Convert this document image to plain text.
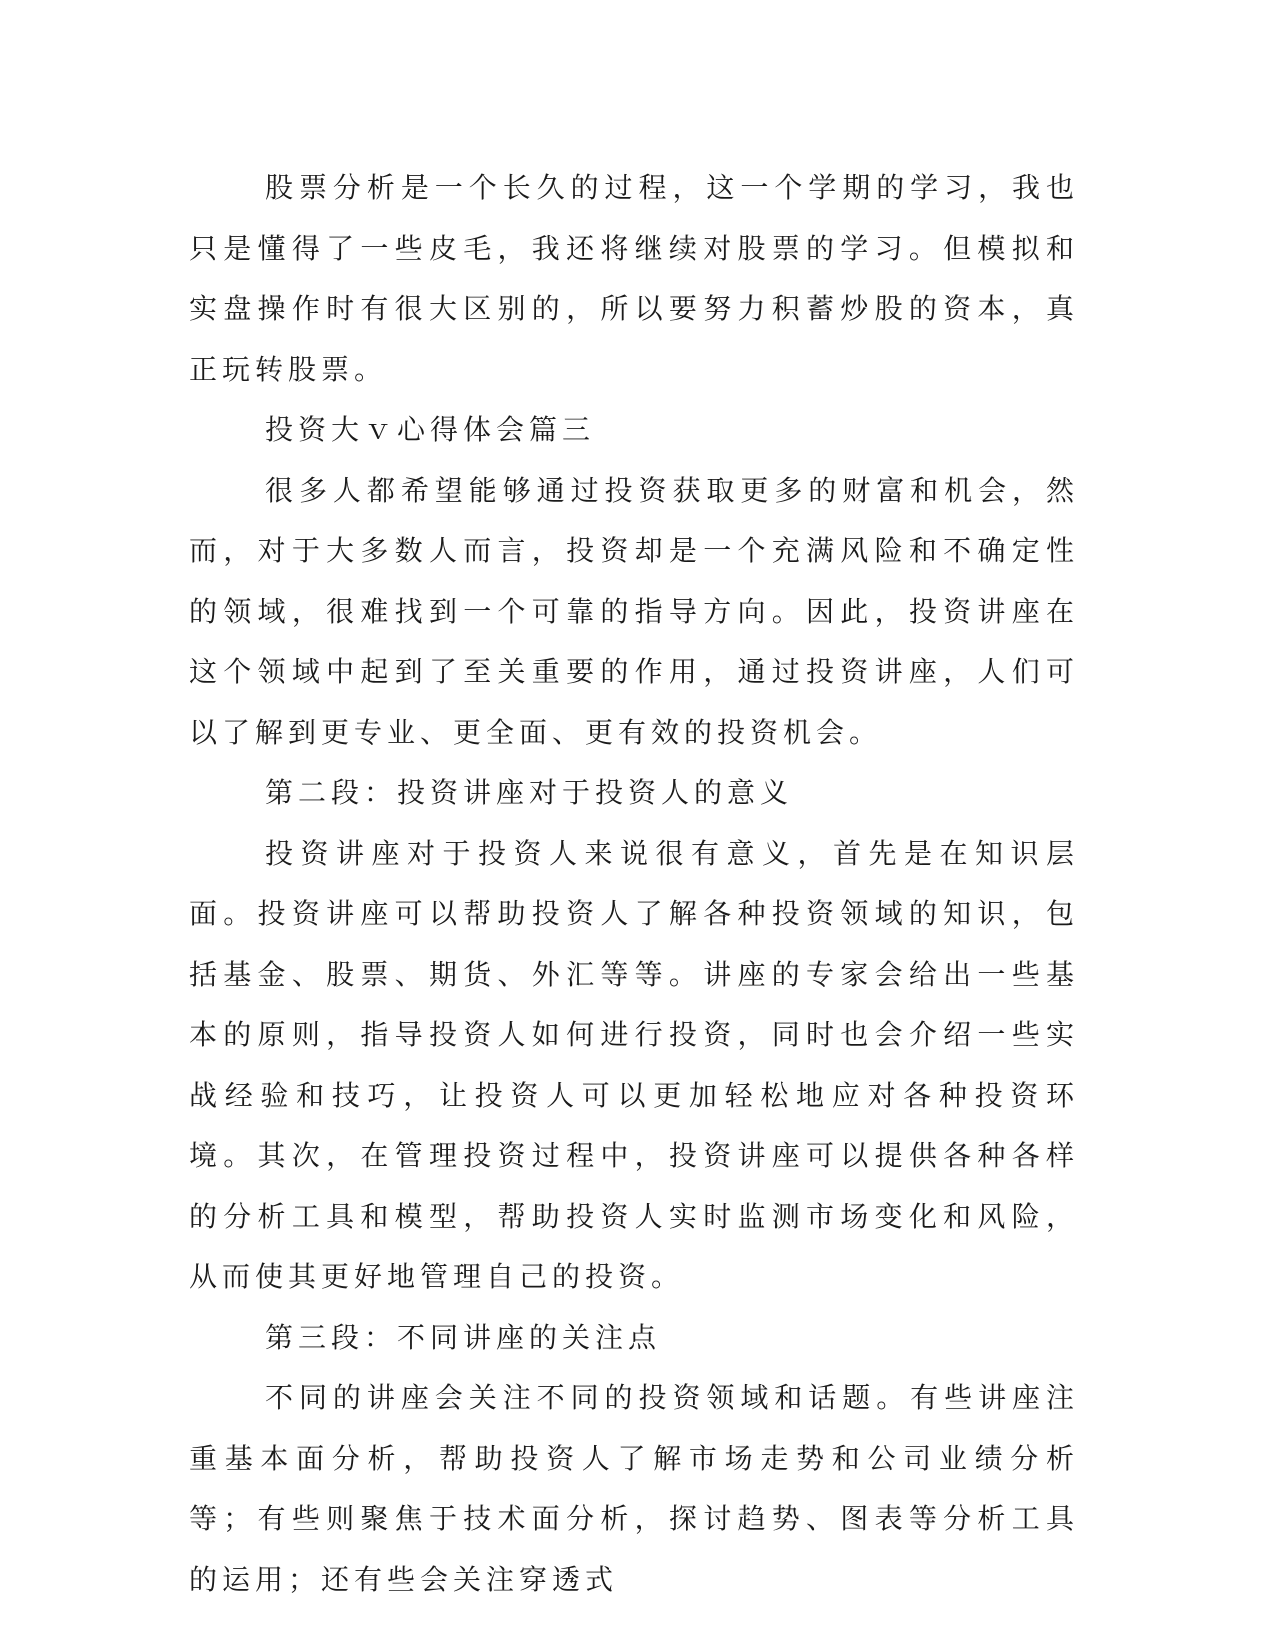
股票分析是一个长久的过程，这一个学期的学习，我也只是懂得了一些皮毛，我还将继续对股票的学习。但模拟和实盘操作时有很大区别的，所以要努力积蓄炒股的资本，真正玩转股票。

投资大ｖ心得体会篇三

很多人都希望能够通过投资获取更多的财富和机会，然而，对于大多数人而言，投资却是一个充满风险和不确定性的领域，很难找到一个可靠的指导方向。因此，投资讲座在这个领域中起到了至关重要的作用，通过投资讲座，人们可以了解到更专业、更全面、更有效的投资机会。

第二段：投资讲座对于投资人的意义

投资讲座对于投资人来说很有意义，首先是在知识层面。投资讲座可以帮助投资人了解各种投资领域的知识，包括基金、股票、期货、外汇等等。讲座的专家会给出一些基本的原则，指导投资人如何进行投资，同时也会介绍一些实战经验和技巧，让投资人可以更加轻松地应对各种投资环境。其次，在管理投资过程中，投资讲座可以提供各种各样的分析工具和模型，帮助投资人实时监测市场变化和风险，从而使其更好地管理自己的投资。

第三段：不同讲座的关注点

不同的讲座会关注不同的投资领域和话题。有些讲座注重基本面分析，帮助投资人了解市场走势和公司业绩分析等；有些则聚焦于技术面分析，探讨趋势、图表等分析工具的运用；还有些会关注穿透式
